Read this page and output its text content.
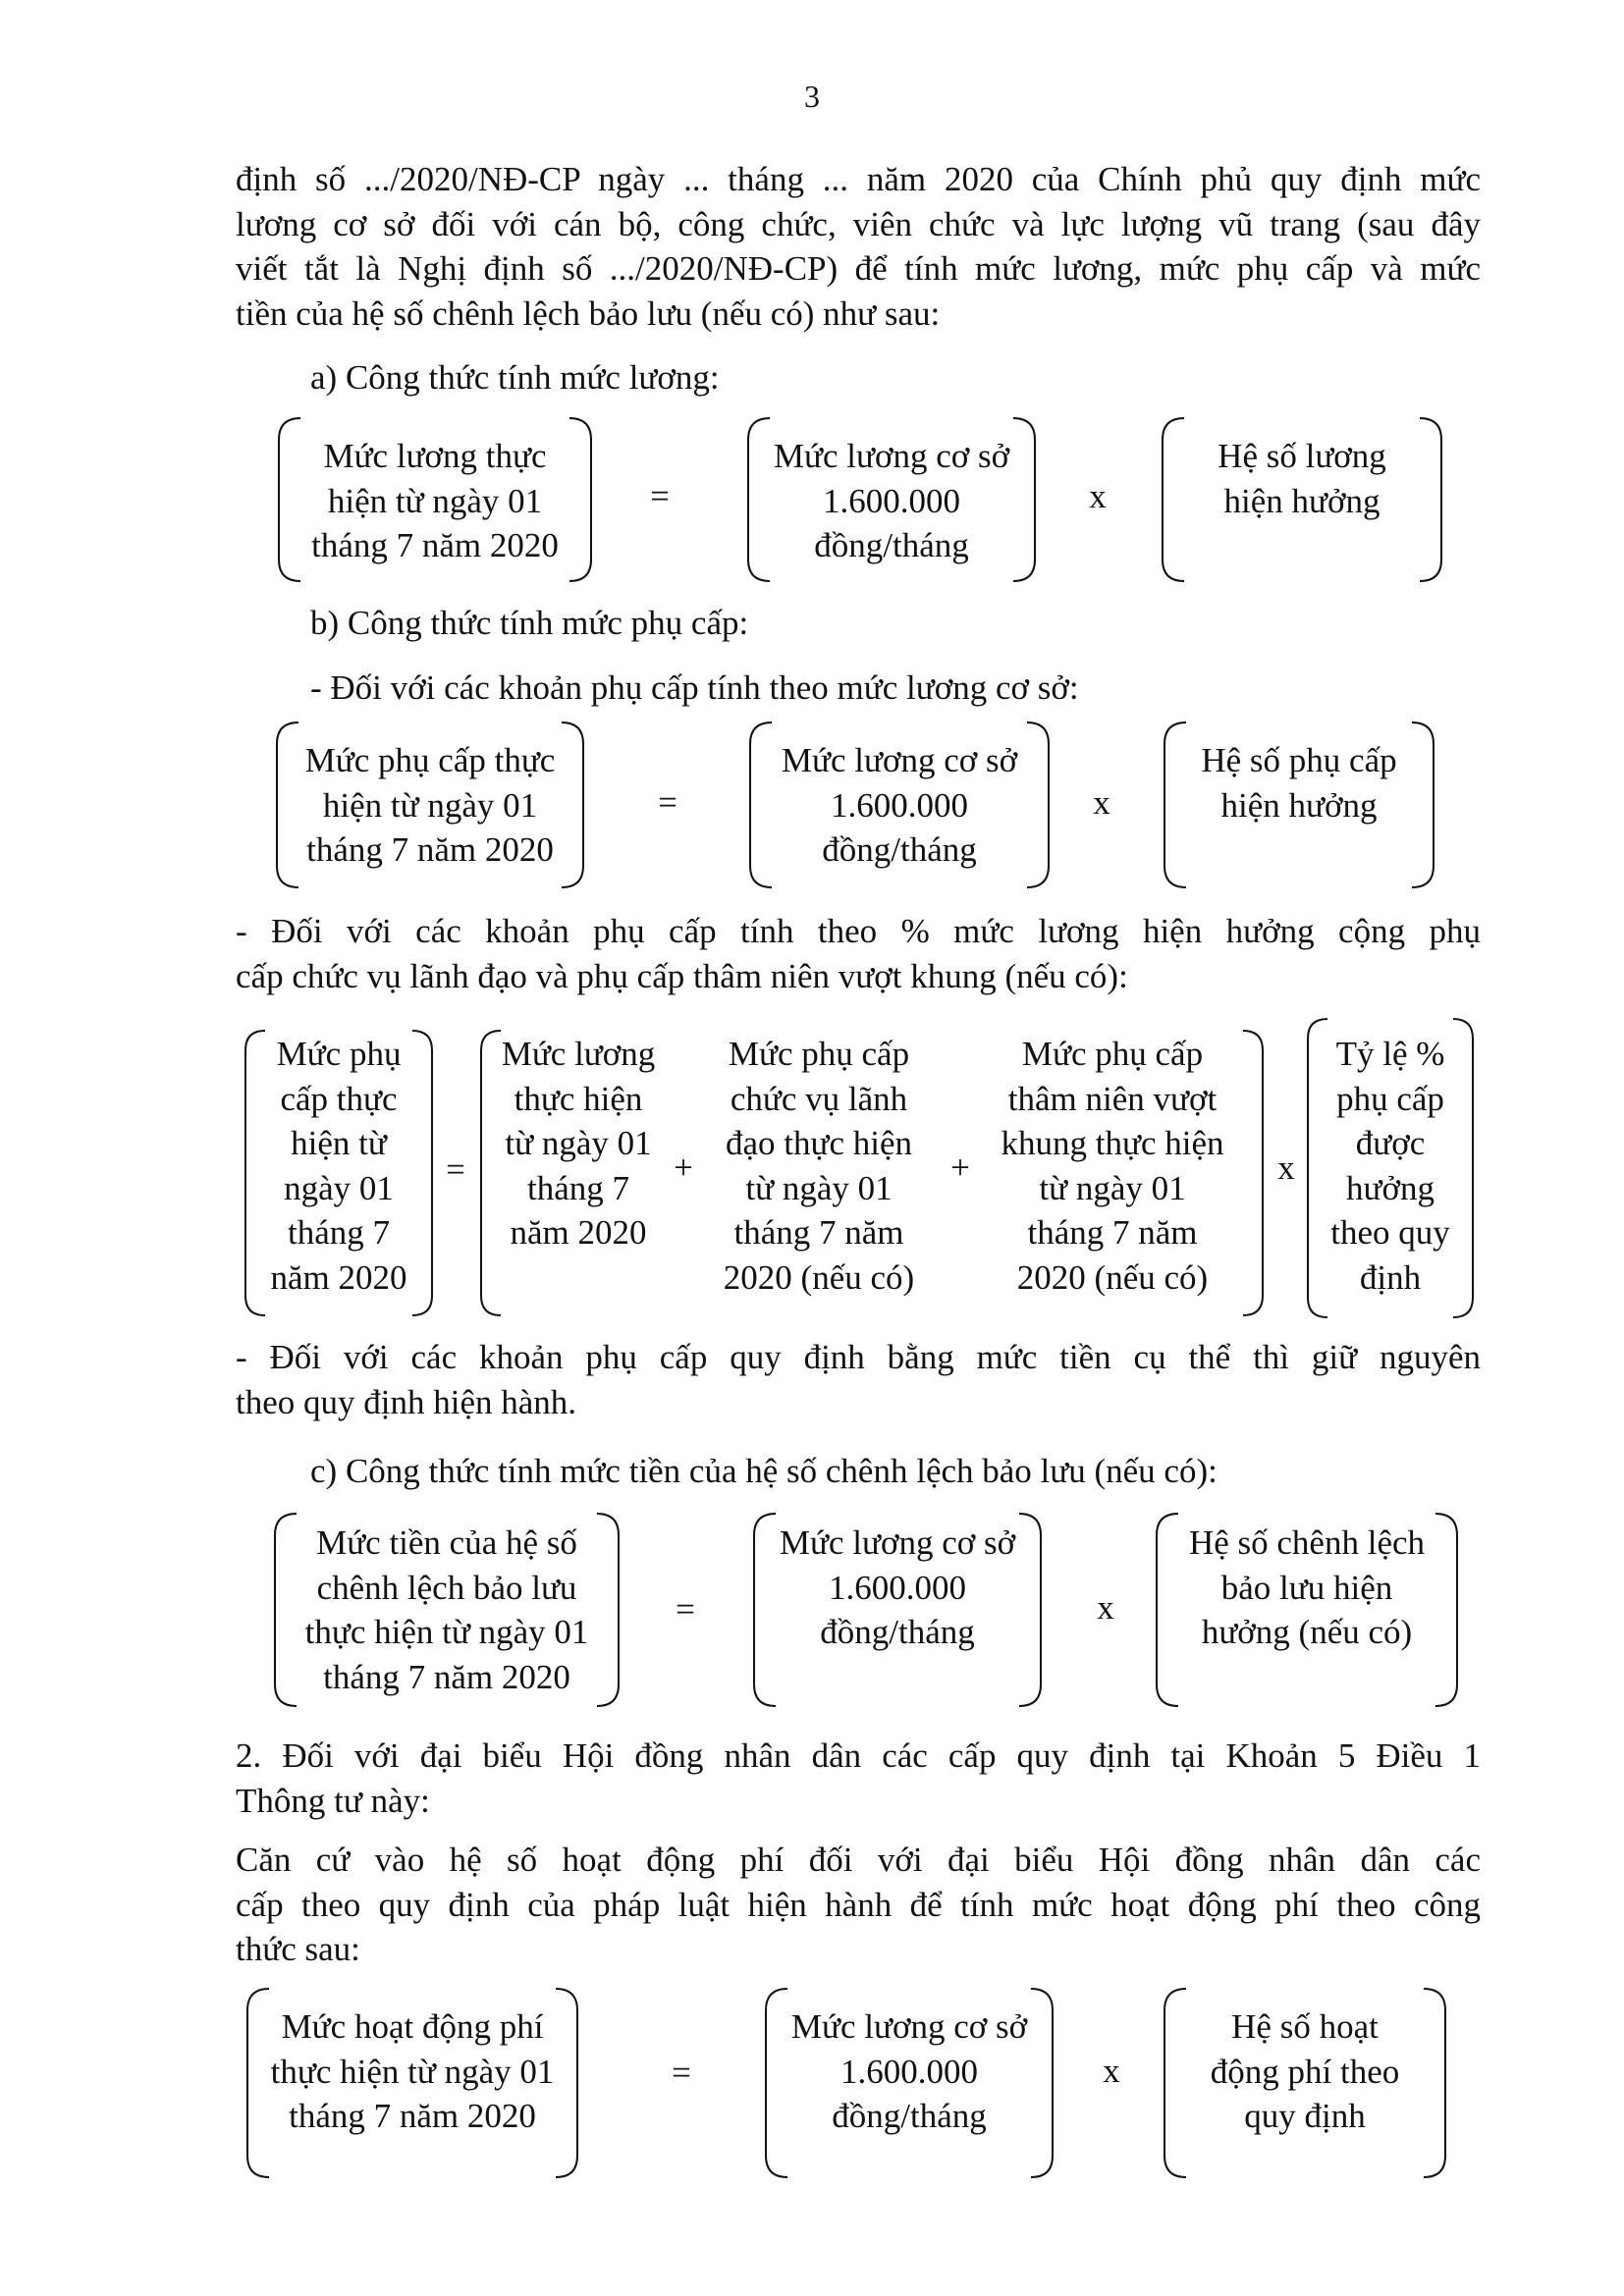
3
định số .../2020/NĐ-CP ngày ... tháng ... năm 2020 của Chính phủ quy định mức
lương cơ sở đối với cán bộ, công chức, viên chức và lực lượng vũ trang (sau đây
viết tắt là Nghị định số .../2020/NĐ-CP) để tính mức lương, mức phụ cấp và mức

tiền của hệ số chênh lệch bảo lưu (nếu có) như sau:
a) Công thức tính mức lương:
Mức lương thực
hiện từ ngày 01
tháng 7 năm 2020
=
Mức lương cơ sở
1.600.000
đồng/tháng
x
Hệ số lương
hiện hưởng
b) Công thức tính mức phụ cấp:
- Đối với các khoản phụ cấp tính theo mức lương cơ sở:
Mức phụ cấp thực
hiện từ ngày 01
tháng 7 năm 2020
=
Mức lương cơ sở
1.600.000
đồng/tháng
x
Hệ số phụ cấp
hiện hưởng
- Đối với các khoản phụ cấp tính theo % mức lương hiện hưởng cộng phụ

cấp chức vụ lãnh đạo và phụ cấp thâm niên vượt khung (nếu có):
Mức phụ
cấp thực
hiện từ
ngày 01
tháng 7
năm 2020
=
Mức lương
thực hiện
từ ngày 01
tháng 7
năm 2020
+
Mức phụ cấp
chức vụ lãnh
đạo thực hiện
từ ngày 01
tháng 7 năm
2020 (nếu có)
+
Mức phụ cấp
thâm niên vượt
khung thực hiện
từ ngày 01
tháng 7 năm
2020 (nếu có)
x
Tỷ lệ %
phụ cấp
được
hưởng
theo quy
định
- Đối với các khoản phụ cấp quy định bằng mức tiền cụ thể thì giữ nguyên

theo quy định hiện hành.
c) Công thức tính mức tiền của hệ số chênh lệch bảo lưu (nếu có):
Mức tiền của hệ số
chênh lệch bảo lưu
thực hiện từ ngày 01
tháng 7 năm 2020
=
Mức lương cơ sở
1.600.000
đồng/tháng
x
Hệ số chênh lệch
bảo lưu hiện
hưởng (nếu có)
2. Đối với đại biểu Hội đồng nhân dân các cấp quy định tại Khoản 5 Điều 1

Thông tư này:
Căn cứ vào hệ số hoạt động phí đối với đại biểu Hội đồng nhân dân các
cấp theo quy định của pháp luật hiện hành để tính mức hoạt động phí theo công

thức sau:
Mức hoạt động phí
thực hiện từ ngày 01
tháng 7 năm 2020
=
Mức lương cơ sở
1.600.000
đồng/tháng
x
Hệ số hoạt
động phí theo
quy định
